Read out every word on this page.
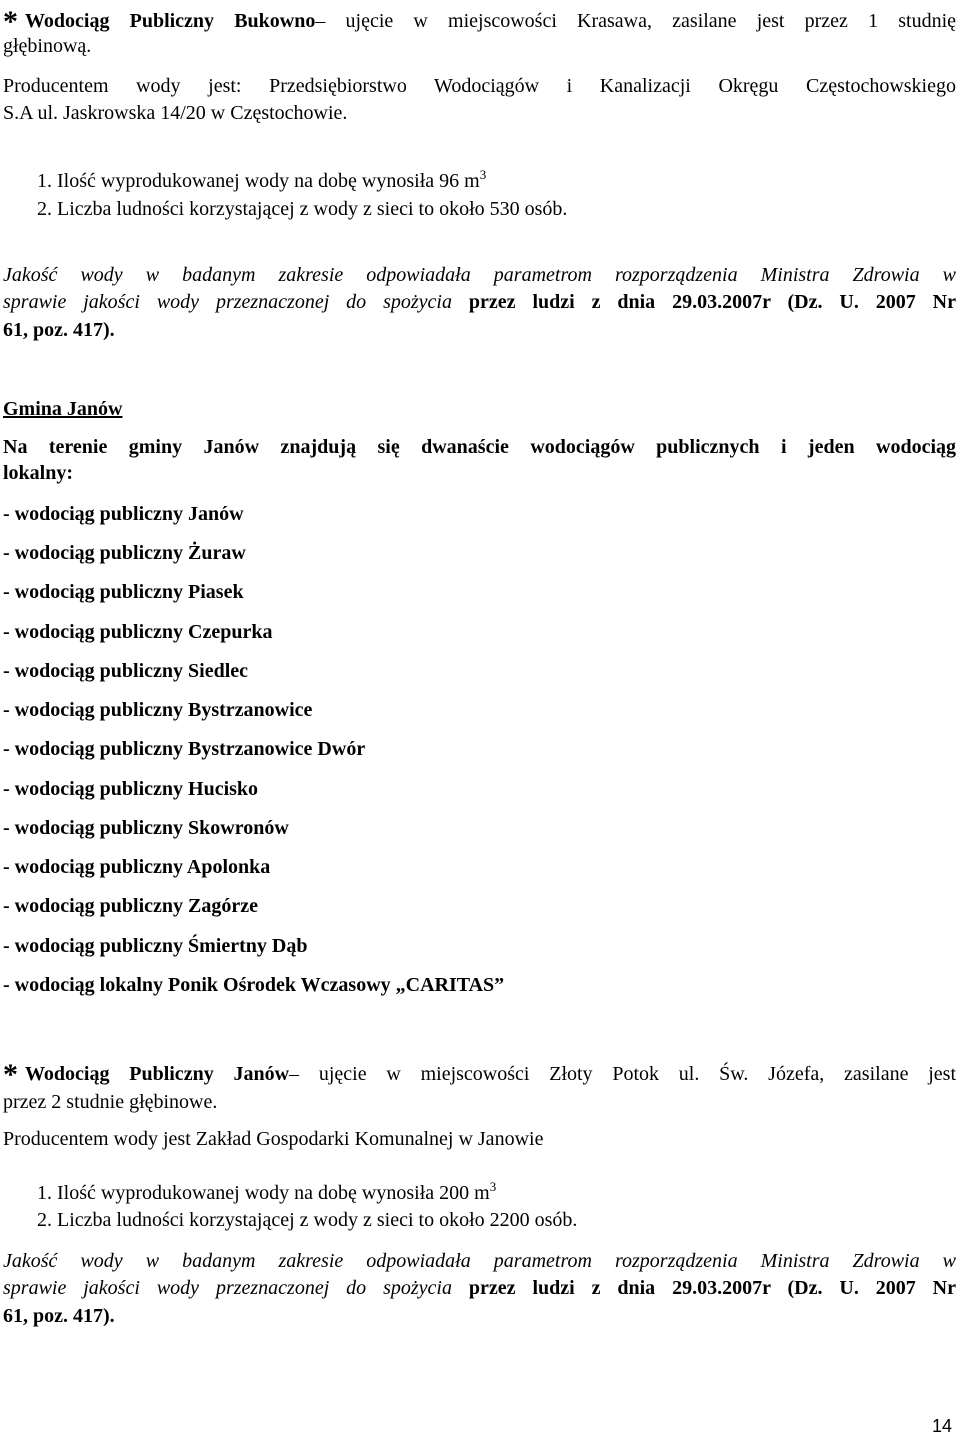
* Wodociąg Publiczny Bukowno– ujęcie w miejscowości Krasawa, zasilane jest przez 1 studnię
głębinową.
Producentem wody jest: Przedsiębiorstwo Wodociągów i Kanalizacji Okręgu Częstochowskiego
S.A ul. Jaskrowska 14/20 w Częstochowie.
1. Ilość wyprodukowanej wody na dobę wynosiła 96 $m^3$
2. Liczba ludności korzystającej z wody z sieci to około 530 osób.
Jakość wody w badanym zakresie odpowiadała parametrom rozporządzenia Ministra Zdrowia w
sprawie jakości wody przeznaczonej do spożycia przez ludzi z dnia 29.03.2007r (Dz. U. 2007 Nr
61, poz. 417).
Gmina Janów
Na terenie gminy Janów znajdują się dwanaście wodociągów publicznych i jeden wodociąg
lokalny:
- wodociąg publiczny Janów
- wodociąg publiczny Żuraw
- wodociąg publiczny Piasek
- wodociąg publiczny Czepurka
- wodociąg publiczny Siedlec
- wodociąg publiczny Bystrzanowice
- wodociąg publiczny Bystrzanowice Dwór
- wodociąg publiczny Hucisko
- wodociąg publiczny Skowronów
- wodociąg publiczny Apolonka
- wodociąg publiczny Zagórze
- wodociąg publiczny Śmiertny Dąb
- wodociąg lokalny Ponik Ośrodek Wczasowy „CARITAS”
* Wodociąg Publiczny Janów– ujęcie w miejscowości Złoty Potok ul. Św. Józefa, zasilane jest
przez 2 studnie głębinowe.
Producentem wody jest Zakład Gospodarki Komunalnej w Janowie
1. Ilość wyprodukowanej wody na dobę wynosiła 200 $m^3$
2. Liczba ludności korzystającej z wody z sieci to około 2200 osób.
Jakość wody w badanym zakresie odpowiadała parametrom rozporządzenia Ministra Zdrowia w
sprawie jakości wody przeznaczonej do spożycia przez ludzi z dnia 29.03.2007r (Dz. U. 2007 Nr
61, poz. 417).
14
